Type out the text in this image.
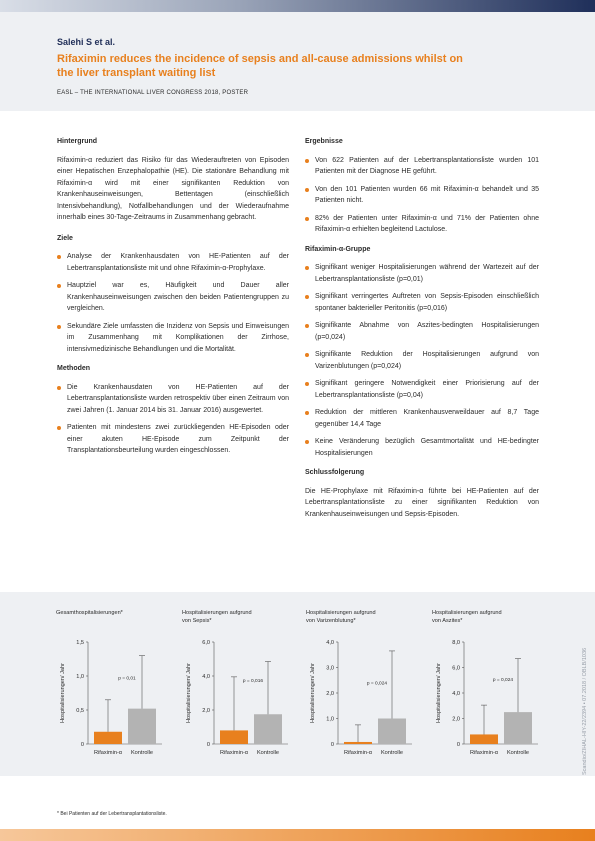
Salehi S et al.
Rifaximin reduces the incidence of sepsis and all-cause admissions whilst on the liver transplant waiting list
EASL – THE INTERNATIONAL LIVER CONGRESS 2018, POSTER
Hintergrund

Rifaximin-α reduziert das Risiko für das Wiederauftreten von Episoden einer Hepatischen Enzephalopathie (HE). Die stationäre Behandlung mit Rifaximin-α wird mit einer signifikanten Reduktion von Krankenhauseinweisungen, Bettentagen (einschließlich Intensivbehandlung), Notfallbehandlungen und der Wiederaufnahme innerhalb eines 30-Tage-Zeitraums in Zusammenhang gebracht.

Ziele
Analyse der Krankenhausdaten von HE-Patienten auf der Lebertransplantationsliste mit und ohne Rifaximin-α-Prophylaxe.
Hauptziel war es, Häufigkeit und Dauer aller Krankenhauseinweisungen zwischen den beiden Patientengruppen zu vergleichen.
Sekundäre Ziele umfassten die Inzidenz von Sepsis und Einweisungen im Zusammenhang mit Komplikationen der Zirrhose, intensivmedizinische Behandlungen und die Mortalität.
Methoden
Die Krankenhausdaten von HE-Patienten auf der Lebertransplantationsliste wurden retrospektiv über einen Zeitraum von zwei Jahren (1. Januar 2014 bis 31. Januar 2016) ausgewertet.
Patienten mit mindestens zwei zurückliegenden HE-Episoden oder einer akuten HE-Episode zum Zeitpunkt der Transplantationsbeurteilung wurden eingeschlossen.
Ergebnisse
Von 622 Patienten auf der Lebertransplantationsliste wurden 101 Patienten mit der Diagnose HE geführt.
Von den 101 Patienten wurden 66 mit Rifaximin-α behandelt und 35 Patienten nicht.
82% der Patienten unter Rifaximin-α und 71% der Patienten ohne Rifaximin-α erhielten begleitend Lactulose.
Rifaximin-α-Gruppe
Signifikant weniger Hospitalisierungen während der Wartezeit auf der Lebertransplantationsliste (p=0,01)
Signifikant verringertes Auftreten von Sepsis-Episoden einschließlich spontaner bakterieller Peritonitis (p=0,016)
Signifikante Abnahme von Aszites-bedingten Hospitalisierungen (p=0,024)
Signifikante Reduktion der Hospitalisierungen aufgrund von Varizenblutungen (p=0,024)
Signifikant geringere Notwendigkeit einer Priorisierung auf der Lebertransplantationsliste (p=0,04)
Reduktion der mittleren Krankenhausverweildauer auf 8,7 Tage gegenüber 14,4 Tage
Keine Veränderung bezüglich Gesamtmortalität und HE-bedingter Hospitalisierungen
Schlussfolgerung

Die HE-Prophylaxe mit Rifaximin-α führte bei HE-Patienten auf der Lebertransplantationsliste zu einer signifikanten Reduktion von Krankenhauseinweisungen und Sepsis-Episoden.

Gesamthospitalisierungen*
Hospitalisierungen/ Jahr
0
0,5
1,0
1,5
Rifaximin-α Kontrolle
p = 0,01
Hospitalisierungen aufgrund
von Sepsis*
Hospitalisierungen/ Jahr
0
2,0
4,0
6,0
Rifaximin-α Kontrolle
p = 0,016
Hospitalisierungen aufgrund
von Varizenblutung*
Hospitalisierungen/ Jahr
0
1,0
2,0
3,0
4,0
Rifaximin-α Kontrolle
p = 0,024
Hospitalisierungen aufgrund
von Aszites*
Hospitalisierungen/ Jahr
0
2,0
4,0
6,0
8,0
Rifaximin-α Kontrolle
p = 0,024	Scandio/ZIHAL-HIY-22/2394 • 07.2018 / OBLB/1036
* Bei Patienten auf der Lebertransplantationsliste.
